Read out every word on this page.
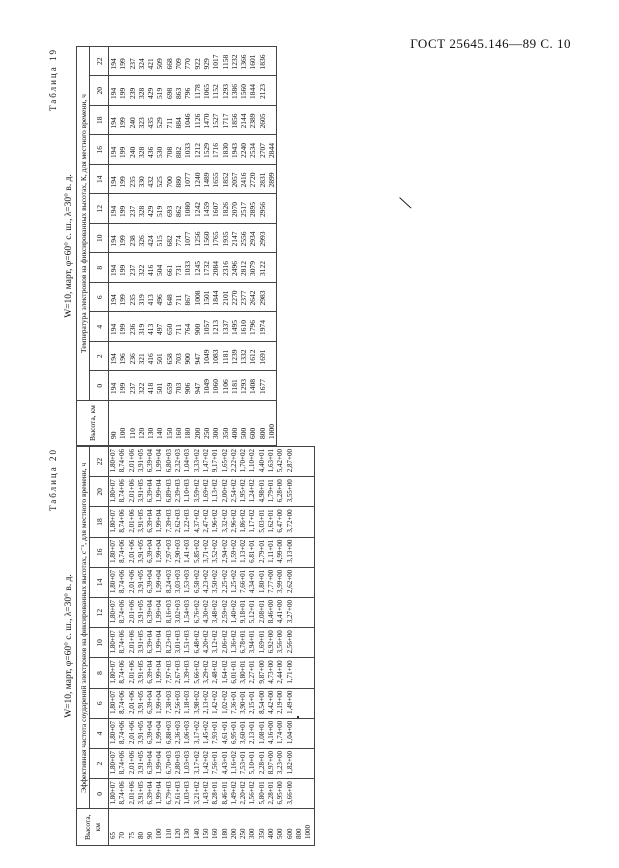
ГОСТ 25645.146—89 С. 10
Таблица 19
W=10, март, φ=60° с. ш., λ=30° в. д.
Высота, км	Температура электронов на фиксированных высотах, К, для местного времени, ч											
	0	2	4	6	8	10	12	14	16	18	20	22
90	194	194	194	194	194	194	194	194	194	194	194	194
100	199	196	199	199	199	199	199	199	199	199	199	199
110	237	236	236	235	237	238	237	235	240	240	239	237
120	322	321	319	319	322	326	328	330	328	323	328	324
130	418	416	413	413	416	424	429	432	436	435	429	421
140	501	501	497	496	504	515	519	525	530	529	519	509
150	659	658	650	648	661	682	693	700	708	711	698	668
160	703	703	711	711	731	774	862	880	882	884	863	709
180	906	900	764	867	1033	1077	1080	1077	1033	1046	796	770
200	947	947	900	1008	1245	1256	1242	1240	1212	1126	1178	922
250	1049	1049	1057	1501	1732	1560	1459	1489	1529	1470	1065	929
300	1060	1083	1213	1844	2084	1765	1607	1655	1716	1527	1152	1017
350	1106	1181	1337	2101	2316	1935	1826	1852	1830	1717	1293	1158
400	1181	1239	1495	2270	2496	2147	2070	2057	1943	1856	1386	1232
500	1293	1332	1610	2377	2812	2556	2517	2416	2240	2144	1560	1366
600	1408	1612	1796	2642	3079	2934	2895	2720	2534	2389	1844	1601
800	1677	1691	1974	2983	3122	2993	2956	2831	2707	2605	2123	1836
1000								2899	2844			
Таблица 20
W=10, март, φ=60° с. ш., λ=30° в. д.
Высота, км	Эффективная частота соударений электронов на фиксированных высотах, с⁻¹, для местного времени, ч											
	0	2	4	6	8	10	12	14	16	18	20	22
65	1,80+07	1,80+07	1,80+07	1,80+07	1,80+07	1,80+07	1,80+07	1,80+07	1,80+07	1,80+07	1,80+07	1,80+07
70	8,74+06	8,74+06	8,74+06	8,74+06	8,74+06	8,74+06	8,74+06	8,74+06	8,74+06	8,74+06	8,74+06	8,74+06
75	2,01+06	2,01+06	2,01+06	2,01+06	2,01+06	2,01+06	2,01+06	2,01+06	2,01+06	2,01+06	2,01+06	2,01+06
80	3,91+05	3,91+05	3,91+05	3,91+05	3,91+05	3,91+05	3,91+05	3,91+05	3,91+05	3,91+05	3,91+05	3,91+05
90	6,39+04	6,39+04	6,39+04	6,39+04	6,39+04	6,39+04	6,39+04	6,39+04	6,39+04	6,39+04	6,39+04	6,39+04
100	1,99+04	1,99+04	1,99+04	1,99+04	1,99+04	1,99+04	1,99+04	1,99+04	1,99+04	1,99+04	1,99+04	1,99+04
110	6,79+03	6,70+03	6,88+03	7,38+03	7,97+03	8,23+03	8,16+03	8,24+03	7,97+03	7,39+03	6,89+03	6,80+03
120	2,61+03	2,80+03	2,36+03	2,56+03	2,67+03	3,01+03	3,02+03	3,03+03	2,90+03	2,62+03	2,39+03	2,32+03
130	1,03+03	1,03+03	1,06+03	1,18+03	1,39+03	1,51+03	1,54+03	1,53+03	1,41+03	1,22+03	1,10+03	1,04+03
140	3,21+02	3,17+02	3,17+02	3,98+02	5,66+02	6,48+02	6,76+02	6,58+02	5,85+02	4,37+02	3,59+02	3,33+02
150	1,43+02	1,42+02	1,45+02	2,13+02	3,29+02	4,20+02	4,30+02	4,23+02	3,71+02	2,47+02	1,69+02	1,47+02
160	8,28+01	7,56+01	7,93+01	1,42+02	2,48+02	3,12+02	3,48+02	3,50+02	3,52+02	1,96+02	1,13+02	9,17+01
180	8,46+01	4,43+01	4,61+01	1,02+02	1,64+02	2,06+02	2,59+02	2,25+02	2,94+02	3,32+02	2,00+02	1,65+02
200	1,49+02	1,16+02	6,95+01	7,36+01	6,01+01	1,36+02	1,40+02	1,25+02	1,59+02	2,96+02	2,54+02	2,22+02
250	2,20+02	7,53+01	3,60+01	3,90+01	3,80+01	6,78+01	9,18+01	7,66+01	1,13+02	1,86+02	1,95+02	1,70+02
300	1,56+02	5,10+01	2,13+01	2,15+01	2,27+01	3,94+01	5,12+01	4,34+01	6,81+01	1,17+02	1,24+02	1,10+02
350	5,80+01	2,28+01	1,08+01	8,54+00	9,87+00	1,69+01	2,08+01	1,80+01	2,79+01	5,03+01	4,98+01	4,40+01
400	2,28+01	8,97+00	4,16+00	4,42+00	4,73+00	6,92+00	8,46+00	7,77+00	1,11+01	1,62+01	1,79+01	1,63+01
500	6,95+00	3,23+00	1,74+00	2,19+00	2,44+00	3,56+00	4,41+00	3,99+00	4,99+00	6,47+00	6,28+00	5,42+00
600	3,66+00	1,82+00	1,04+00	1,49+00	1,71+00	2,56+00	3,27+00	2,62+00	3,13+00	3,72+00	3,55+00	2,87+00
800												
1000												
╲
